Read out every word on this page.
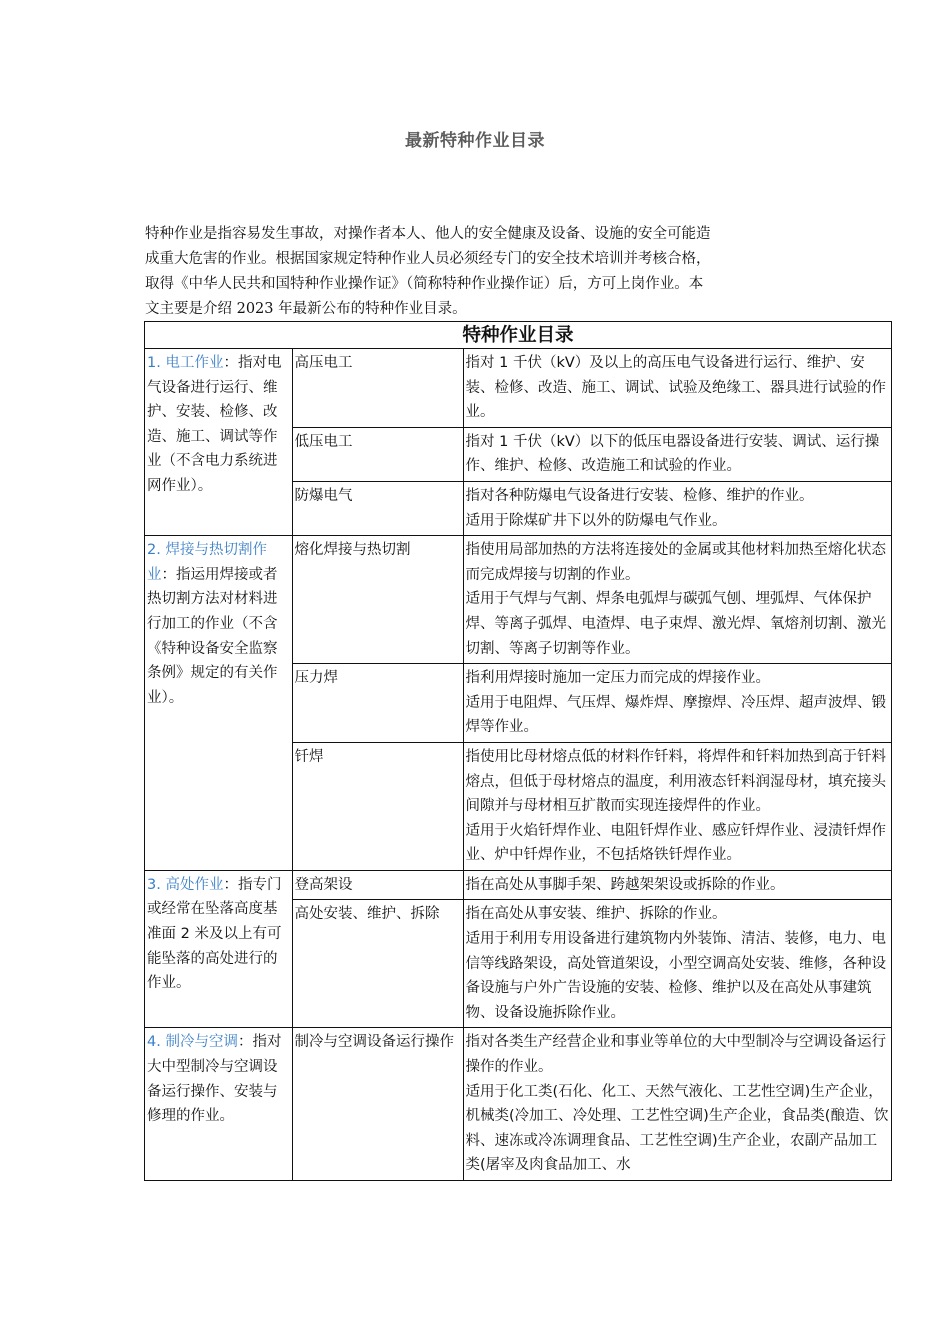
最新特种作业目录
特种作业是指容易发生事故，对操作者本人、他人的安全健康及设备、设施的安全可能造
成重大危害的作业。根据国家规定特种作业人员必须经专门的安全技术培训并考核合格，
取得《中华人民共和国特种作业操作证》（简称特种作业操作证）后，方可上岗作业。本
文主要是介绍 2023 年最新公布的特种作业目录。
特种作业目录		
1. 电工作业：指对电气设备进行运行、维护、安装、检修、改造、施工、调试等作业（不含电力系统进网作业）。	高压电工	指对 1 千伏（kV）及以上的高压电气设备进行运行、维护、安装、检修、改造、施工、调试、试验及绝缘工、器具进行试验的作业。

	低压电工	指对 1 千伏（kV）以下的低压电器设备进行安装、调试、运行操作、维护、检修、改造施工和试验的作业。

	防爆电气	指对各种防爆电气设备进行安装、检修、维护的作业。

适用于除煤矿井下以外的防爆电气作业。

2. 焊接与热切割作业：指运用焊接或者热切割方法对材料进行加工的作业（不含《特种设备安全监察条例》规定的有关作业）。	熔化焊接与热切割	指使用局部加热的方法将连接处的金属或其他材料加热至熔化状态而完成焊接与切割的作业。

适用于气焊与气割、焊条电弧焊与碳弧气刨、埋弧焊、气体保护焊、等离子弧焊、电渣焊、电子束焊、激光焊、氧熔剂切割、激光切割、等离子切割等作业。

	压力焊	指利用焊接时施加一定压力而完成的焊接作业。

适用于电阻焊、气压焊、爆炸焊、摩擦焊、冷压焊、超声波焊、锻焊等作业。

	钎焊	指使用比母材熔点低的材料作钎料，将焊件和钎料加热到高于钎料熔点，但低于母材熔点的温度，利用液态钎料润湿母材，填充接头间隙并与母材相互扩散而实现连接焊件的作业。

适用于火焰钎焊作业、电阻钎焊作业、感应钎焊作业、浸渍钎焊作业、炉中钎焊作业，不包括烙铁钎焊作业。

3. 高处作业：指专门或经常在坠落高度基准面 2 米及以上有可能坠落的高处进行的作业。	登高架设	指在高处从事脚手架、跨越架架设或拆除的作业。

	高处安装、维护、拆除	指在高处从事安装、维护、拆除的作业。

适用于利用专用设备进行建筑物内外装饰、清洁、装修，电力、电信等线路架设，高处管道架设，小型空调高处安装、维修，各种设备设施与户外广告设施的安装、检修、维护以及在高处从事建筑物、设备设施拆除作业。

4. 制冷与空调：指对大中型制冷与空调设备运行操作、安装与修理的作业。	制冷与空调设备运行操作	指对各类生产经营企业和事业等单位的大中型制冷与空调设备运行操作的作业。

适用于化工类(石化、化工、天然气液化、工艺性空调)生产企业，机械类(冷加工、冷处理、工艺性空调)生产企业，食品类(酿造、饮料、速冻或冷冻调理食品、工艺性空调)生产企业，农副产品加工类(屠宰及肉食品加工、水
